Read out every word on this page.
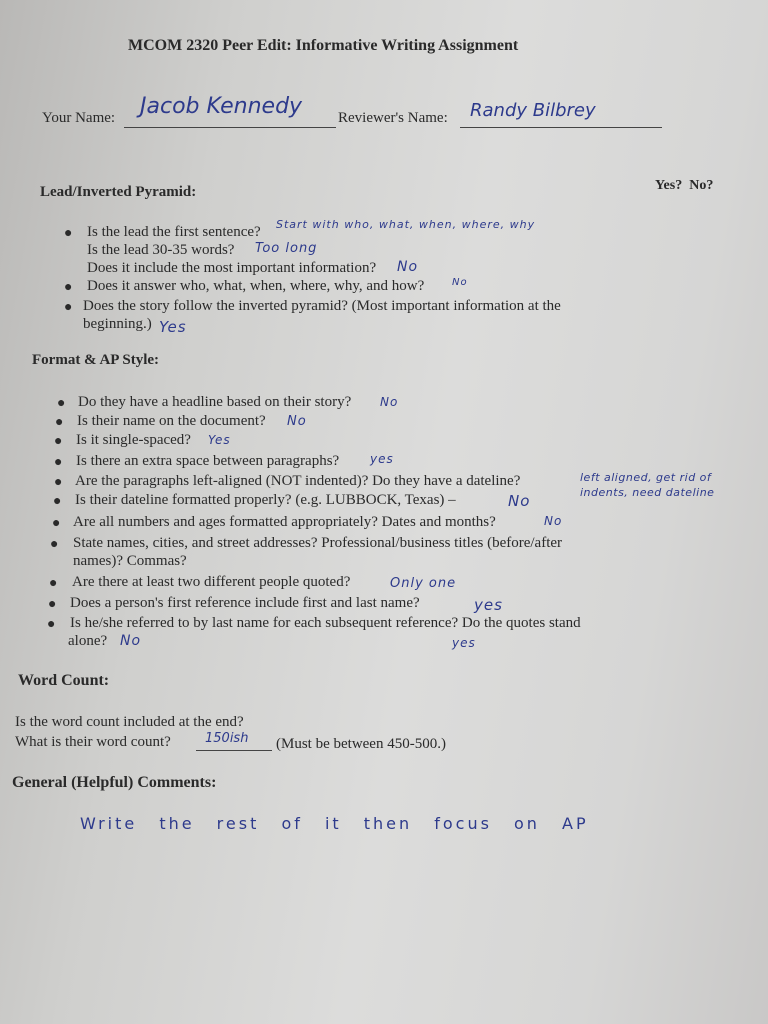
MCOM 2320 Peer Edit: Informative Writing Assignment
Your Name: Jacob Kennedy Reviewer's Name: Randy Bilbrey
Lead/Inverted Pyramid:	Yes?  No?
● Is the lead the first sentence? Start with who, what, when, where, why
Is the lead 30-35 words? Too long
Does it include the most important information? No
● Does it answer who, what, when, where, why, and how?	No
● Does the story follow the inverted pyramid? (Most important information at the
beginning.) Yes
Format & AP Style:
● Do they have a headline based on their story? No
● Is their name on the document? No
● Is it single-spaced? Yes
● Is there an extra space between paragraphs?	yes
● Are the paragraphs left-aligned (NOT indented)? Do they have a dateline?	left aligned, get rid of indents, need dateline
● Is their dateline formatted properly? (e.g. LUBBOCK, Texas) –	No
● Are all numbers and ages formatted appropriately? Dates and months?	No
● State names, cities, and street addresses? Professional/business titles (before/after
names)? Commas?
● Are there at least two different people quoted?	Only one
● Does a person's first reference include first and last name?	yes
● Is he/she referred to by last name for each subsequent reference? Do the quotes stand
alone? No	yes
Word Count:
Is the word count included at the end?
What is their word count?	150ish (Must be between 450-500.)
General (Helpful) Comments:
Write the rest of it then focus on AP
